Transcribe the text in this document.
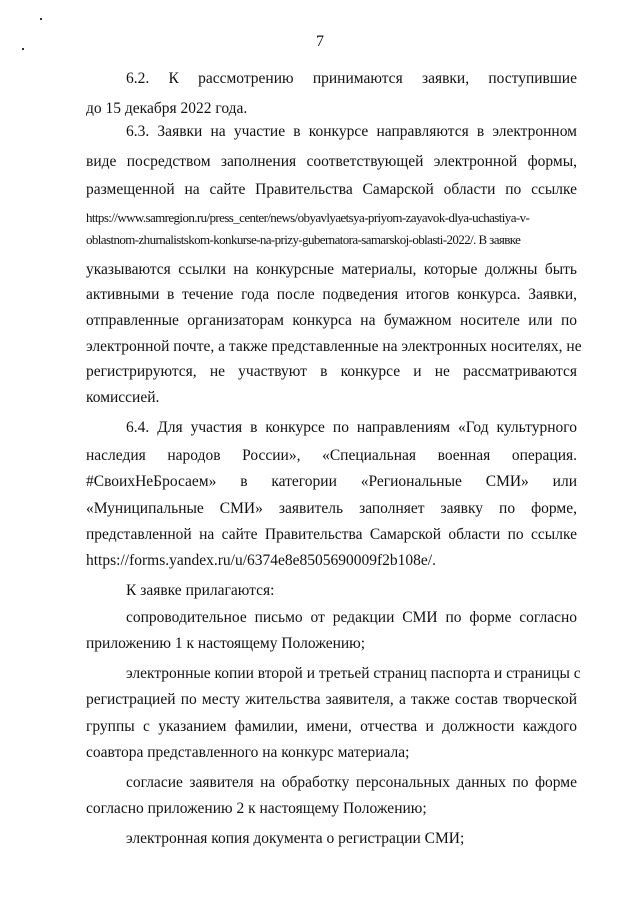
7
6.2. К рассмотрению принимаются заявки, поступившие
до 15 декабря 2022 года.
6.3. Заявки на участие в конкурсе направляются в электронном
виде посредством заполнения соответствующей электронной формы,
размещенной на сайте Правительства Самарской области по ссылке
https://www.samregion.ru/press_center/news/obyavlyaetsya-priyom-zayavok-dlya-uchastiya-v-
oblastnom-zhurnalistskom-konkurse-na-prizy-gubernatora-samarskoj-oblasti-2022/. В заявке
указываются ссылки на конкурсные материалы, которые должны быть
активными в течение года после подведения итогов конкурса. Заявки,
отправленные организаторам конкурса на бумажном носителе или по
электронной почте, а также представленные на электронных носителях, не
регистрируются, не участвуют в конкурсе и не рассматриваются
комиссией.
6.4. Для участия в конкурсе по направлениям «Год культурного
наследия народов России», «Специальная военная операция.
#СвоихНеБросаем» в категории «Региональные СМИ» или
«Муниципальные СМИ» заявитель заполняет заявку по форме,
представленной на сайте Правительства Самарской области по ссылке
https://forms.yandex.ru/u/6374e8e8505690009f2b108e/.
К заявке прилагаются:
сопроводительное письмо от редакции СМИ по форме согласно
приложению 1 к настоящему Положению;
электронные копии второй и третьей страниц паспорта и страницы с
регистрацией по месту жительства заявителя, а также состав творческой
группы с указанием фамилии, имени, отчества и должности каждого
соавтора представленного на конкурс материала;
согласие заявителя на обработку персональных данных по форме
согласно приложению 2 к настоящему Положению;
электронная копия документа о регистрации СМИ;
